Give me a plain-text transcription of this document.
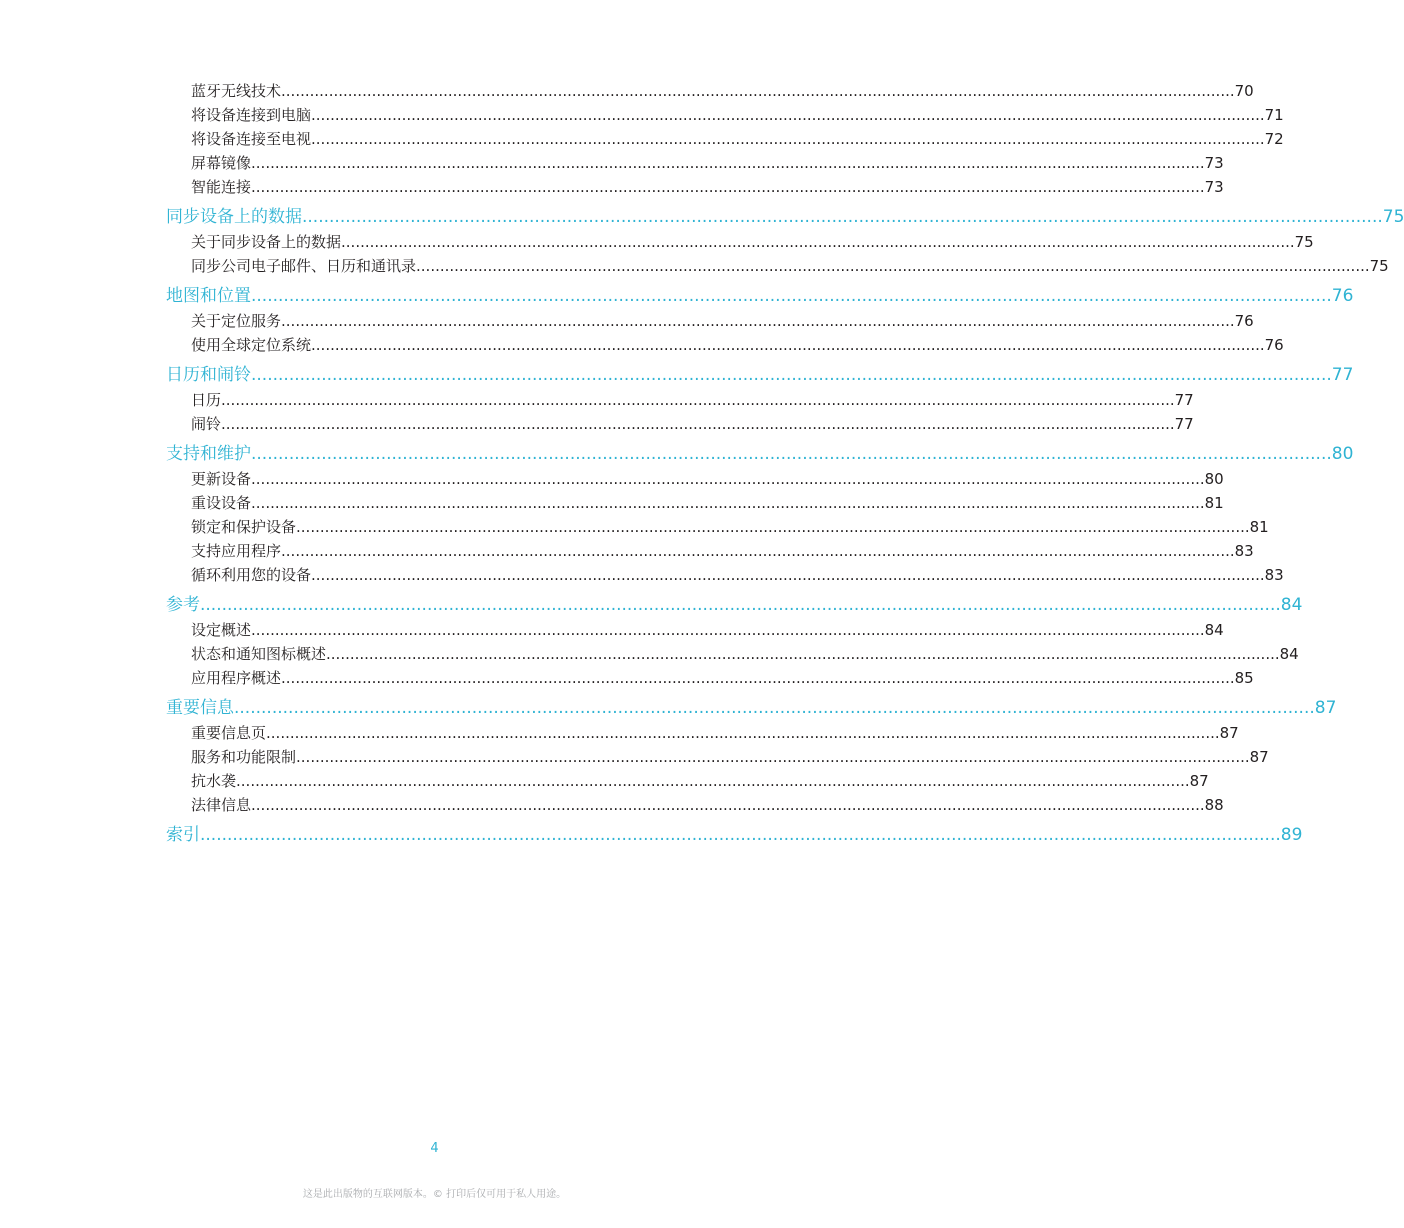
蓝牙无线技术 ........................................................................................................................................................................................................ 70
将设备连接到电脑 ........................................................................................................................................................................................................ 71
将设备连接至电视 ........................................................................................................................................................................................................ 72
屏幕镜像 ........................................................................................................................................................................................................ 73
智能连接 ........................................................................................................................................................................................................ 73
同步设备上的数据 ........................................................................................................................................................................................................ 75
关于同步设备上的数据 ........................................................................................................................................................................................................ 75
同步公司电子邮件、日历和通讯录 ........................................................................................................................................................................................................ 75
地图和位置 ........................................................................................................................................................................................................ 76
关于定位服务 ........................................................................................................................................................................................................ 76
使用全球定位系统 ........................................................................................................................................................................................................ 76
日历和闹铃 ........................................................................................................................................................................................................ 77
日历 ........................................................................................................................................................................................................ 77
闹铃 ........................................................................................................................................................................................................ 77
支持和维护 ........................................................................................................................................................................................................ 80
更新设备 ........................................................................................................................................................................................................ 80
重设设备 ........................................................................................................................................................................................................ 81
锁定和保护设备 ........................................................................................................................................................................................................ 81
支持应用程序 ........................................................................................................................................................................................................ 83
循环利用您的设备 ........................................................................................................................................................................................................ 83
参考 ........................................................................................................................................................................................................ 84
设定概述 ........................................................................................................................................................................................................ 84
状态和通知图标概述 ........................................................................................................................................................................................................ 84
应用程序概述 ........................................................................................................................................................................................................ 85
重要信息 ........................................................................................................................................................................................................ 87
重要信息页 ........................................................................................................................................................................................................ 87
服务和功能限制 ........................................................................................................................................................................................................ 87
抗水袭 ........................................................................................................................................................................................................ 87
法律信息 ........................................................................................................................................................................................................ 88
索引 ........................................................................................................................................................................................................ 89
4
这是此出版物的互联网版本。© 打印后仅可用于私人用途。
